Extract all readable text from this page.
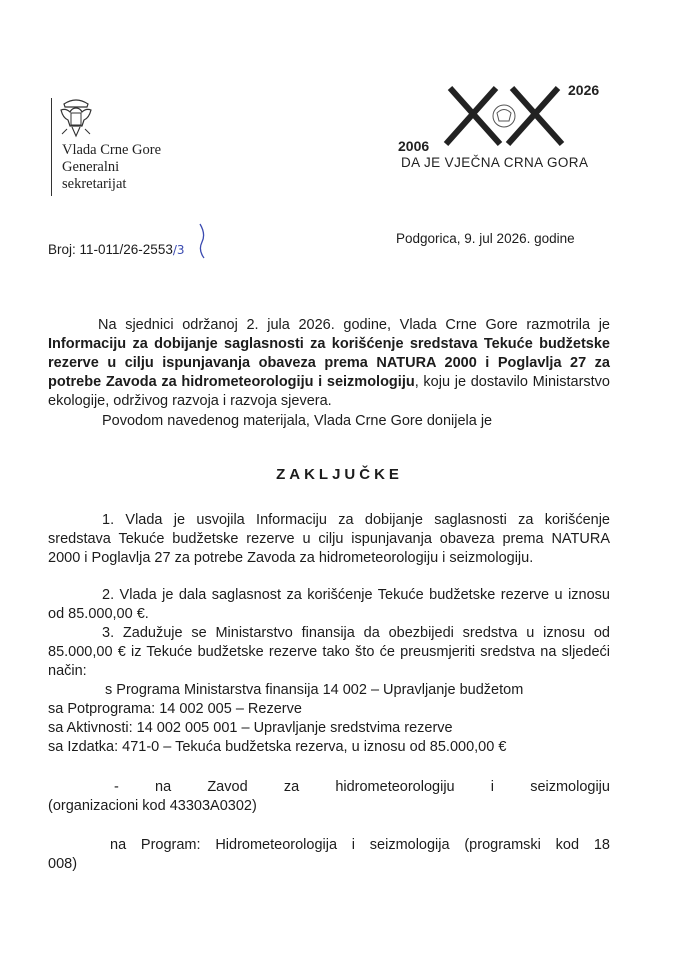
Vlada Crne Gore
Generalni
sekretarijat
2006
2026
DA JE VJEČNA CRNA GORA
Broj: 11-011/26-2553/3
Podgorica, 9. jul 2026. godine
Na sjednici održanoj 2. jula 2026. godine, Vlada Crne Gore razmotrila je Informaciju za dobijanje saglasnosti za korišćenje sredstava Tekuće budžetske rezerve u cilju ispunjavanja obaveza prema NATURA 2000 i Poglavlja 27 za potrebe Zavoda za hidrometeorologiju i seizmologiju, koju je dostavilo Ministarstvo ekologije, održivog razvoja i razvoja sjevera.
Povodom navedenog materijala, Vlada Crne Gore donijela je
ZAKLJUČKE
1. Vlada je usvojila Informaciju za dobijanje saglasnosti za korišćenje sredstava Tekuće budžetske rezerve u cilju ispunjavanja obaveza prema NATURA 2000 i Poglavlja 27 za potrebe Zavoda za hidrometeorologiju i seizmologiju.
2. Vlada je dala saglasnost za korišćenje Tekuće budžetske rezerve u iznosu od 85.000,00 €.
3. Zadužuje se Ministarstvo finansija da obezbijedi sredstva u iznosu od 85.000,00 € iz Tekuće budžetske rezerve tako što će preusmjeriti sredstva na sljedeći način:
s Programa Ministarstva finansija 14 002 – Upravljanje budžetom
sa Potprograma: 14 002 005 – Rezerve
sa Aktivnosti: 14 002 005 001 – Upravljanje sredstvima rezerve
sa Izdatka: 471-0 – Tekuća budžetska rezerva, u iznosu od 85.000,00 €
- na Zavod za hidrometeorologiju i seizmologiju
(organizacioni kod 43303A0302)
na Program: Hidrometeorologija i seizmologija (programski kod 18
008)
